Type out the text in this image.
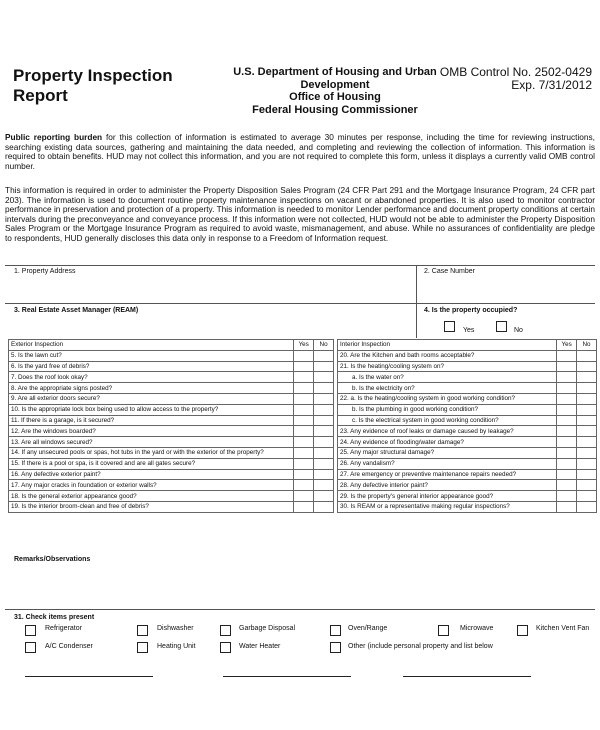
Property Inspection
Report
U.S. Department of Housing and Urban
Development
Office of Housing
Federal Housing Commissioner
OMB Control No. 2502-0429
Exp. 7/31/2012
Public reporting burden for this collection of information is estimated to average 30 minutes per response, including the time for reviewing instructions, searching existing data sources, gathering and maintaining the data needed, and completing and reviewing the collection of information. This information is required to obtain benefits. HUD may not collect this information, and you are not required to complete this form, unless it displays a currently valid OMB control number.
This information is required in order to administer the Property Disposition Sales Program (24 CFR Part 291 and the Mortgage Insurance Program, 24 CFR part 203). The information is used to document routine property maintenance inspections on vacant or abandoned properties. It is also used to monitor contractor performance in preservation and protection of a property. This information is needed to monitor Lender performance and document property conditions at certain intervals during the preconveyance and conveyance process. If this information were not collected, HUD would not be able to administer the Property Disposition Sales Program or the Mortgage Insurance Program as required to avoid waste, mismanagement, and abuse. While no assurances of confidentiality are pledge to respondents, HUD generally discloses this data only in response to a Freedom of Information request.
1. Property Address	2. Case Number
3. Real Estate Asset Manager (REAM)	4. Is the property occupied?
Yes	No
Exterior Inspection	Yes	No
5. Is the lawn cut?		
6. Is the yard free of debris?		
7. Does the roof look okay?		
8. Are the appropriate signs posted?		
9. Are all exterior doors secure?		
10. Is the appropriate lock box being used to allow access to the property?		
11. If there is a garage, is it secured?		
12. Are the windows boarded?		
13. Are all windows secured?		
14. If any unsecured pools or spas, hot tubs in the yard or with the exterior of the property?		
15. If there is a pool or spa, is it covered and are all gates secure?		
16. Any defective exterior paint?		
17. Any major cracks in foundation or exterior walls?		
18. Is the general exterior appearance good?		
19. Is the interior broom-clean and free of debris?		
Interior Inspection	Yes	No
20. Are the Kitchen and bath rooms acceptable?		
21. Is the heating/cooling system on?		
a. Is the water on?		
b. Is the electricity on?		
22. a. Is the heating/cooling system in good working condition?		
b. Is the plumbing in good working condition?		
c. Is the electrical system in good working condition?		
23. Any evidence of roof leaks or damage caused by leakage?		
24. Any evidence of flooding/water damage?		
25. Any major structural damage?		
26. Any vandalism?		
27. Are emergency or preventive maintenance repairs needed?		
28. Any defective interior paint?		
29. Is the property's general interior appearance good?		
30. Is REAM or a representative making regular inspections?		
Remarks/Observations
31. Check items present
Refrigerator	Dishwasher	Garbage Disposal	Oven/Range	Microwave	Kitchen Vent Fan
A/C Condenser	Heating Unit	Water Heater	Other (include personal property and list below
